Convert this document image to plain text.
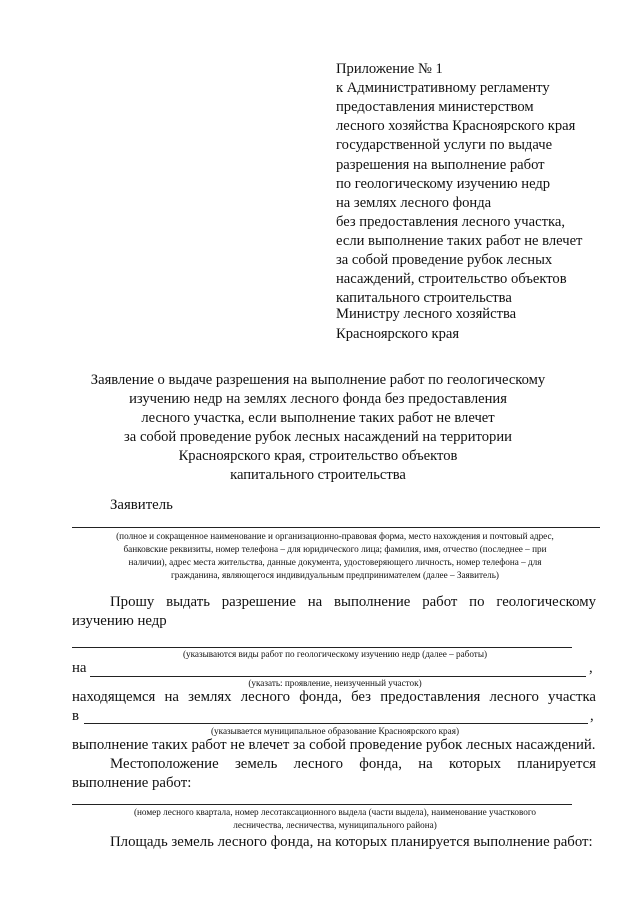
Приложение № 1
к Административному регламенту
предоставления министерством
лесного хозяйства Красноярского края
государственной услуги по выдаче
разрешения на выполнение работ
по геологическому изучению недр
на землях лесного фонда
без предоставления лесного участка,
если выполнение таких работ не влечет
за собой проведение рубок лесных
насаждений, строительство объектов
капитального строительства
Министру лесного хозяйства
Красноярского края
Заявление о выдаче разрешения на выполнение работ по геологическому
изучению недр на землях лесного фонда без предоставления
лесного участка, если выполнение таких работ не влечет
за собой проведение рубок лесных насаждений на территории
Красноярского края, строительство объектов
капитального строительства
Заявитель
(полное и сокращенное наименование и организационно-правовая форма, место нахождения и почтовый адрес,
банковские реквизиты, номер телефона – для юридического лица; фамилия, имя, отчество (последнее – при
наличии), адрес места жительства, данные документа, удостоверяющего личность, номер телефона – для
гражданина, являющегося индивидуальным предпринимателем (далее – Заявитель)
Прошу выдать разрешение на выполнение работ по геологическому
изучению недр
(указываются виды работ по геологическому изучению недр (далее – работы)
на	,
(указать: проявление, неизученный участок)
находящемся на землях лесного фонда, без предоставления лесного участка
в	,
(указывается муниципальное образование Красноярского края)
выполнение таких работ не влечет за собой проведение рубок лесных насаждений.
Местоположение земель лесного фонда, на которых планируется
выполнение работ:
(номер лесного квартала, номер лесотаксационного выдела (части выдела), наименование участкового
лесничества, лесничества, муниципального района)
Площадь земель лесного фонда, на которых планируется выполнение работ:
